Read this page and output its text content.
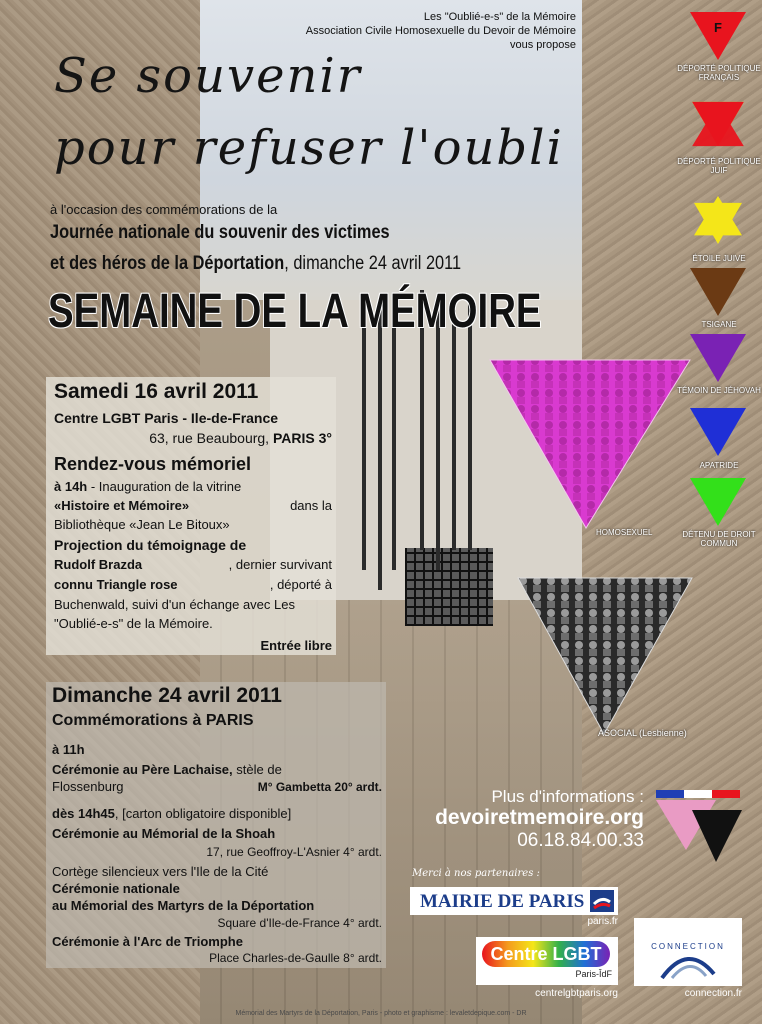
Les "Oublié-e-s" de la Mémoire
Association Civile Homosexuelle du Devoir de Mémoire
vous propose
Se souvenir
pour refuser l'oubli
à l'occasion des commémorations de la
Journée nationale du souvenir des victimes
et des héros de la Déportation, dimanche 24 avril 2011
SEMAINE DE LA MÉMOIRE
Samedi 16 avril 2011
Centre LGBT Paris - Ile-de-France
63, rue Beaubourg, PARIS 3°
Rendez-vous mémoriel
à 14h - Inauguration de la vitrine
«Histoire et Mémoire»	dans la
Bibliothèque «Jean Le Bitoux»
Projection du témoignage de
Rudolf Brazda	, dernier survivant
connu Triangle rose	, déporté à
Buchenwald, suivi d'un échange avec Les
"Oublié-e-s" de la Mémoire.
Entrée libre
Dimanche 24 avril 2011
Commémorations à PARIS
à 11h
Cérémonie au Père Lachaise, stèle de
Flossenburg	M° Gambetta 20° ardt.
dès 14h45, [carton obligatoire disponible]
Cérémonie au Mémorial de la Shoah
17, rue Geoffroy-L'Asnier 4° ardt.
Cortège silencieux vers l'Ile de la Cité
Cérémonie nationale
au Mémorial des Martyrs de la Déportation
Square d'Ile-de-France 4° ardt.
Cérémonie à l'Arc de Triomphe
Place Charles-de-Gaulle 8° ardt.
HOMOSEXUEL
ASOCIAL (Lesbienne)
F
DÉPORTÉ POLITIQUE FRANÇAIS
DÉPORTÉ POLITIQUE JUIF
ÉTOILE JUIVE
TSIGANE
TÉMOIN DE JÉHOVAH
APATRIDE
DÉTENU DE DROIT COMMUN
Plus d'informations :
devoiretmemoire.org
06.18.84.00.33
Merci à nos partenaires :
MAIRIE DE PARIS
paris.fr
Centre LGBT
Paris-ÎdF
centrelgbtparis.org
CONNECTION
connection.fr
Mémorial des Martyrs de la Déportation, Paris - photo et graphisme : levaletdepique.com - DR
